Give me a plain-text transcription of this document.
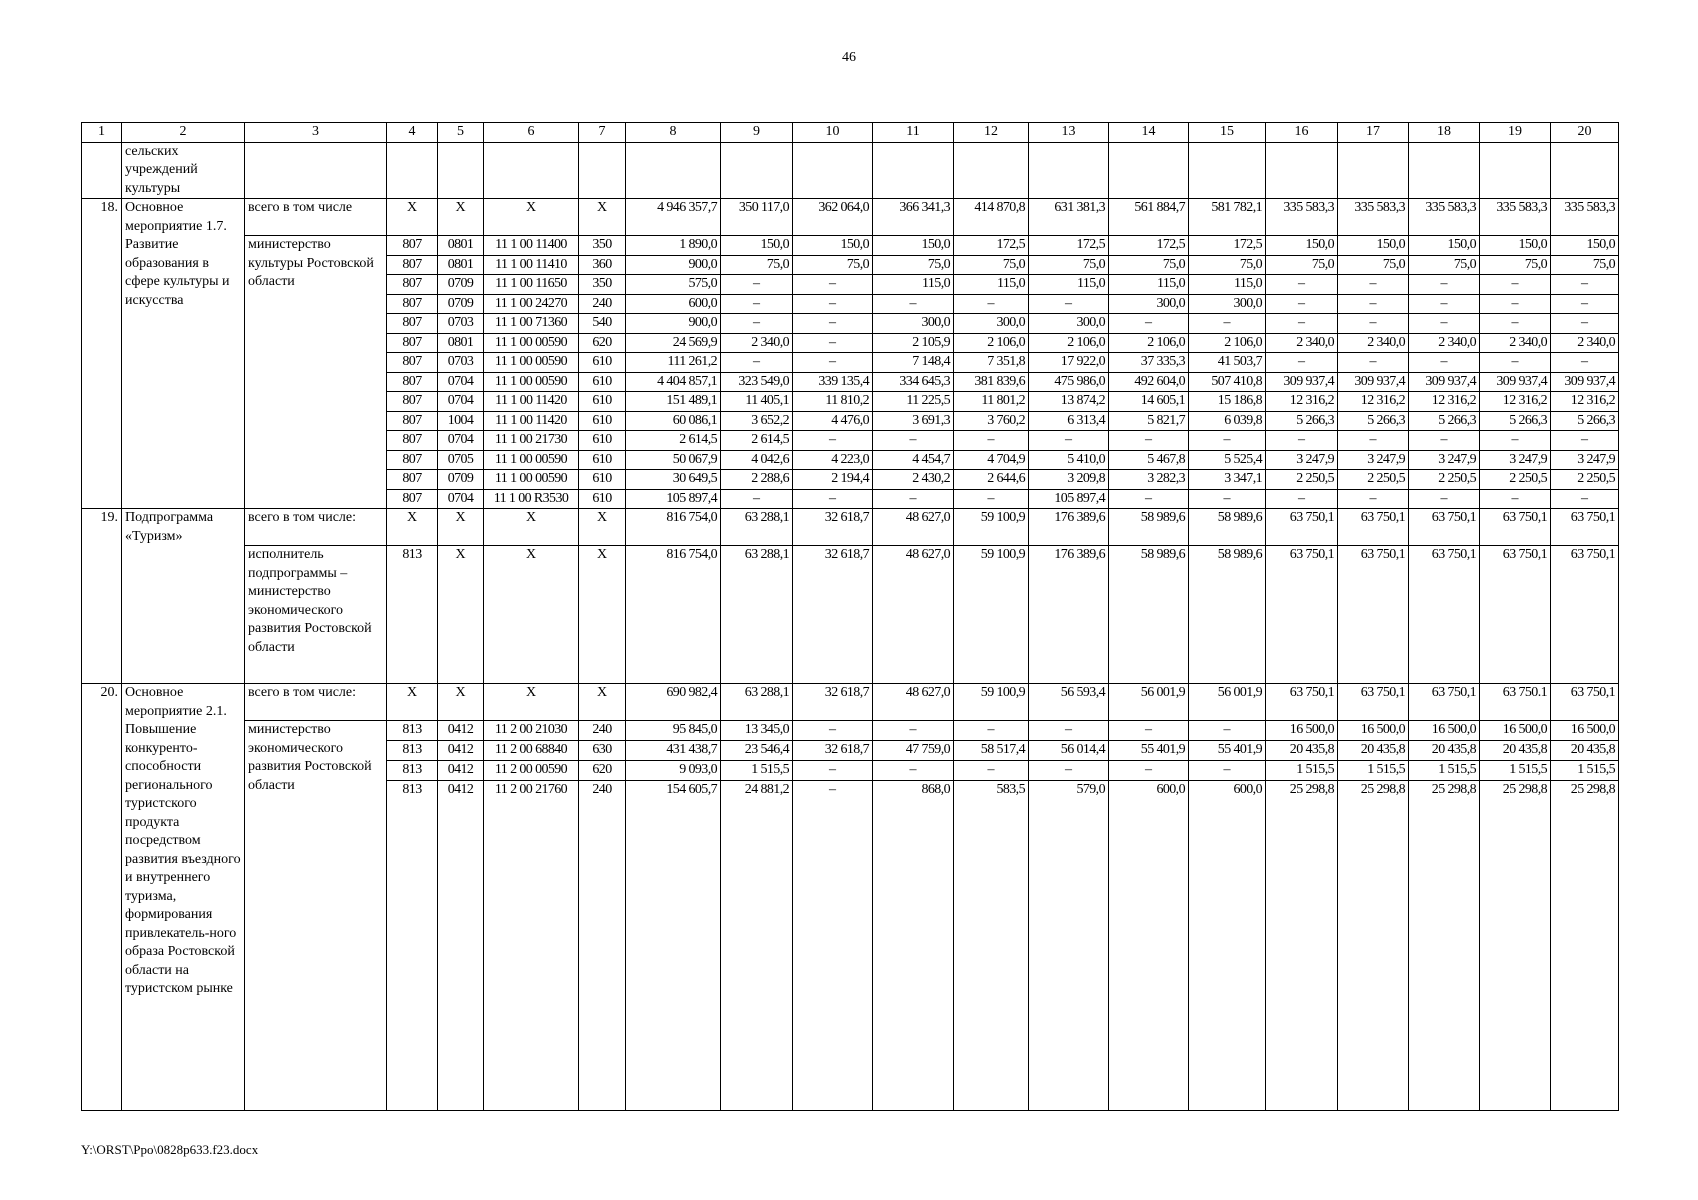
46
1	2	3	4	5	6	7	8	9	10	11	12	13	14	15	16	17	18	19	20
	сельских учреждений культуры																		
18.	Основное мероприятие 1.7. Развитие образования в сфере культуры и искусства	всего в том числе	X	X	X	X	4 946 357,7	350 117,0	362 064,0	366 341,3	414 870,8	631 381,3	561 884,7	581 782,1	335 583,3	335 583,3	335 583,3	335 583,3	335 583,3
		министерство культуры Ростовской области	807	0801	11 1 00 11400	350	1 890,0	150,0	150,0	150,0	172,5	172,5	172,5	172,5	150,0	150,0	150,0	150,0	150,0
			807	0801	11 1 00 11410	360	900,0	75,0	75,0	75,0	75,0	75,0	75,0	75,0	75,0	75,0	75,0	75,0	75,0
			807	0709	11 1 00 11650	350	575,0	–	–	115,0	115,0	115,0	115,0	115,0	–	–	–	–	–
			807	0709	11 1 00 24270	240	600,0	–	–	–	–	–	300,0	300,0	–	–	–	–	–
			807	0703	11 1 00 71360	540	900,0	–	–	300,0	300,0	300,0	–	–	–	–	–	–	–
			807	0801	11 1 00 00590	620	24 569,9	2 340,0	–	2 105,9	2 106,0	2 106,0	2 106,0	2 106,0	2 340,0	2 340,0	2 340,0	2 340,0	2 340,0
			807	0703	11 1 00 00590	610	111 261,2	–	–	7 148,4	7 351,8	17 922,0	37 335,3	41 503,7	–	–	–	–	–
			807	0704	11 1 00 00590	610	4 404 857,1	323 549,0	339 135,4	334 645,3	381 839,6	475 986,0	492 604,0	507 410,8	309 937,4	309 937,4	309 937,4	309 937,4	309 937,4
			807	0704	11 1 00 11420	610	151 489,1	11 405,1	11 810,2	11 225,5	11 801,2	13 874,2	14 605,1	15 186,8	12 316,2	12 316,2	12 316,2	12 316,2	12 316,2
			807	1004	11 1 00 11420	610	60 086,1	3 652,2	4 476,0	3 691,3	3 760,2	6 313,4	5 821,7	6 039,8	5 266,3	5 266,3	5 266,3	5 266,3	5 266,3
			807	0704	11 1 00 21730	610	2 614,5	2 614,5	–	–	–	–	–	–	–	–	–	–	–
			807	0705	11 1 00 00590	610	50 067,9	4 042,6	4 223,0	4 454,7	4 704,9	5 410,0	5 467,8	5 525,4	3 247,9	3 247,9	3 247,9	3 247,9	3 247,9
			807	0709	11 1 00 00590	610	30 649,5	2 288,6	2 194,4	2 430,2	2 644,6	3 209,8	3 282,3	3 347,1	2 250,5	2 250,5	2 250,5	2 250,5	2 250,5
			807	0704	11 1 00 R3530	610	105 897,4	–	–	–	–	105 897,4	–	–	–	–	–	–	–
19.	Подпрограмма «Туризм»	всего в том числе:	X	X	X	X	816 754,0	63 288,1	32 618,7	48 627,0	59 100,9	176 389,6	58 989,6	58 989,6	63 750,1	63 750,1	63 750,1	63 750,1	63 750,1
		исполнитель подпрограммы – министерство экономического развития Ростовской области	813	X	X	X	816 754,0	63 288,1	32 618,7	48 627,0	59 100,9	176 389,6	58 989,6	58 989,6	63 750,1	63 750,1	63 750,1	63 750,1	63 750,1
20.	Основное мероприятие 2.1. Повышение конкуренто-способности регионального туристского продукта посредством развития въездного и внутреннего туризма, формирования привлекатель-ного образа Ростовской области на туристском рынке	всего в том числе:	X	X	X	X	690 982,4	63 288,1	32 618,7	48 627,0	59 100,9	56 593,4	56 001,9	56 001,9	63 750,1	63 750,1	63 750,1	63 750.1	63 750,1
		министерство экономического развития Ростовской области	813	0412	11 2 00 21030	240	95 845,0	13 345,0	–	–	–	–	–	–	16 500,0	16 500,0	16 500,0	16 500,0	16 500,0
			813	0412	11 2 00 68840	630	431 438,7	23 546,4	32 618,7	47 759,0	58 517,4	56 014,4	55 401,9	55 401,9	20 435,8	20 435,8	20 435,8	20 435,8	20 435,8
			813	0412	11 2 00 00590	620	9 093,0	1 515,5	–	–	–	–	–	–	1 515,5	1 515,5	1 515,5	1 515,5	1 515,5
			813	0412	11 2 00 21760	240	154 605,7	24 881,2	–	868,0	583,5	579,0	600,0	600,0	25 298,8	25 298,8	25 298,8	25 298,8	25 298,8
Y:\ORST\Ppo\0828p633.f23.docx
